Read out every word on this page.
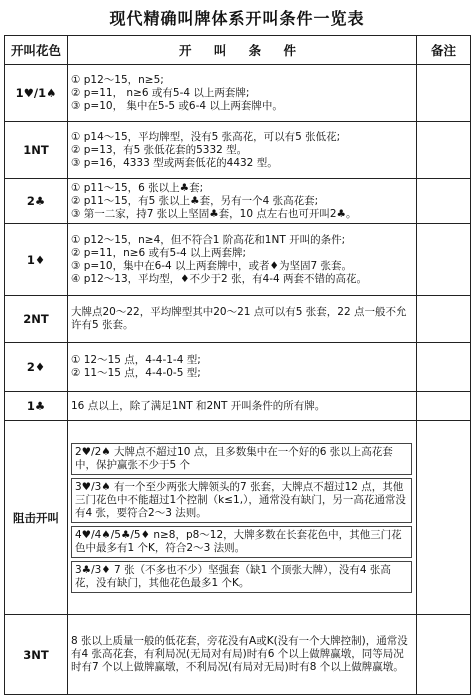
现代精确叫牌体系开叫条件一览表
开叫花色	开 叫 条 件	备注
1♥/1♠	① p12～15，n≥5;
② p=11， n≥6 或有5-4 以上两套牌;
③ p=10， 集中在5-5 或6-4 以上两套牌中。	

1NT	① p14～15，平均牌型，没有5 张高花，可以有5 张低花;
② p=13，有5 张低花套的5332 型。
③ p=16，4333 型或两套低花的4432 型。	

2♣	① p11～15，6 张以上♣套;
② p11～15，有5 张以上♣套，另有一个4 张高花套;
③ 第一二家，持7 张以上坚固♣套，10 点左右也可开叫2♣。	

1♦	① p12～15，n≥4，但不符合1 阶高花和1NT 开叫的条件;
② p=11，n≥6 或有5-4 以上两套牌;
③ p=10，集中在6-4 以上两套牌中，或者♦为坚固7 张套。
④ p12～13，平均型，♦不少于2 张，有4-4 两套不错的高花。	

2NT	大牌点20～22，平均牌型其中20～21 点可以有5 张套，22 点一般不允许有5 张套。	

2♦	① 12～15 点，4-4-1-4 型;
② 11～15 点，4-4-0-5 型;	

1♣	16 点以上，除了满足1NT 和2NT 开叫条件的所有牌。	

阻击开叫	2♥/2♠ 大牌点不超过10 点，且多数集中在一个好的6 张以上高花套中，保护赢张不少于5 个
3♥/3♠ 有一个至少两张大牌领头的7 张套，大牌点不超过12 点，其他三门花色中不能超过1个控制（k≤1,），通常没有缺门，另一高花通常没有4 张，要符合2～3 法则。
4♥/4♠/5♣/5♦ n≥8，p8～12，大牌多数在长套花色中，其他三门花色中最多有1 个K，符合2～3 法则。
3♣/3♦ 7 张（不多也不少）坚强套（缺1 个顶张大牌），没有4 张高花，没有缺门，其他花色最多1 个K。	

3NT	8 张以上质量一般的低花套，旁花没有A或K(没有一个大牌控制)，通常没有4 张高花套，有利局况(无局对有局)时有6 个以上做牌赢墩，同等局况时有7 个以上做牌赢墩，不利局况(有局对无局)时有8 个以上做牌赢墩。	
